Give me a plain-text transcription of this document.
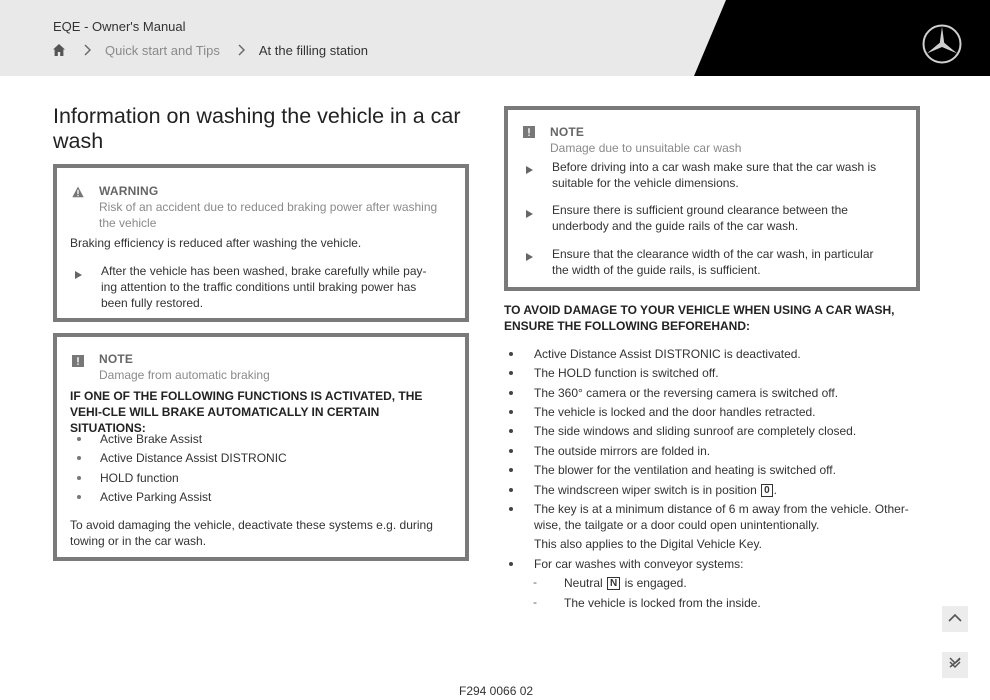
EQE - Owner's Manual
Quick start and Tips	At the filling station
Information on washing the vehicle in a car wash
WARNING
Risk of an accident due to reduced braking power after washing the vehicle
Braking efficiency is reduced after washing the vehicle.
After the vehicle has been washed, brake carefully while pay-ing attention to the traffic conditions until braking power has been fully restored.
NOTE
Damage from automatic braking
IF ONE OF THE FOLLOWING FUNCTIONS IS ACTIVATED, THE VEHI-CLE WILL BRAKE AUTOMATICALLY IN CERTAIN SITUATIONS:
Active Brake Assist
Active Distance Assist DISTRONIC
HOLD function
Active Parking Assist
To avoid damaging the vehicle, deactivate these systems e.g. during towing or in the car wash.
NOTE
Damage due to unsuitable car wash
Before driving into a car wash make sure that the car wash is suitable for the vehicle dimensions.
Ensure there is sufficient ground clearance between the underbody and the guide rails of the car wash.
Ensure that the clearance width of the car wash, in particular the width of the guide rails, is sufficient.
TO AVOID DAMAGE TO YOUR VEHICLE WHEN USING A CAR WASH, ENSURE THE FOLLOWING BEFOREHAND:
Active Distance Assist DISTRONIC is deactivated.
The HOLD function is switched off.
The 360° camera or the reversing camera is switched off.
The vehicle is locked and the door handles retracted.
The side windows and sliding sunroof are completely closed.
The outside mirrors are folded in.
The blower for the ventilation and heating is switched off.
The windscreen wiper switch is in position 0 .
The key is at a minimum distance of 6 m away from the vehicle. Other-wise, the tailgate or a door could open unintentionally.
This also applies to the Digital Vehicle Key.
For car washes with conveyor systems:
- Neutral N is engaged.
- The vehicle is locked from the inside.
F294 0066 02
